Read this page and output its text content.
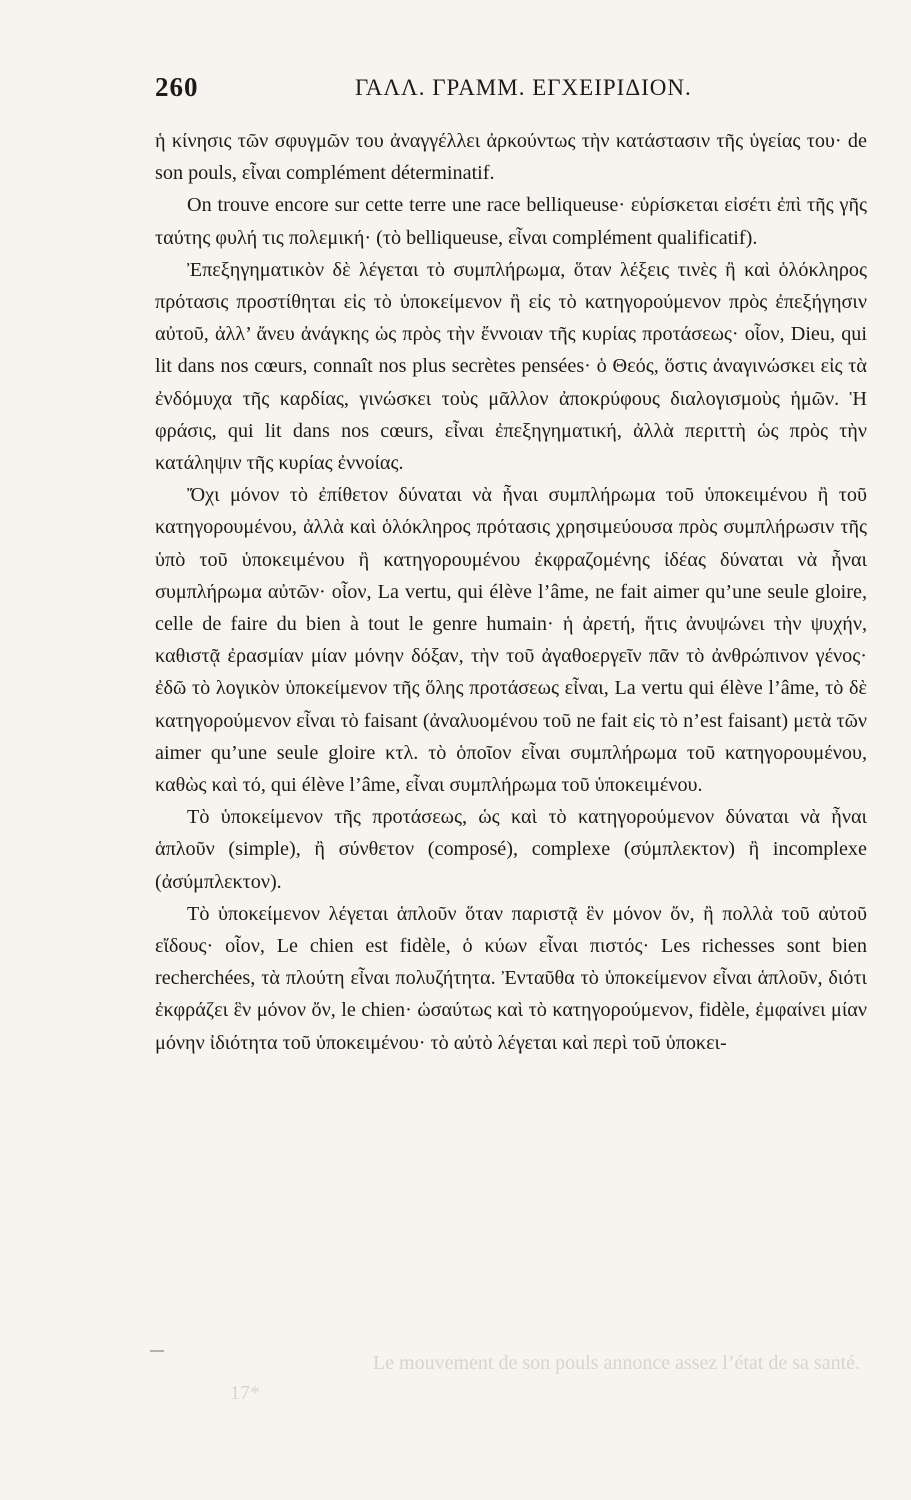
260	ΓΑΛΛ. ΓΡΑΜΜ. ΕΓΧΕΙΡΙΔΙΟΝ.

ἡ κίνησις τῶν σφυγμῶν του ἀναγγέλλει ἀρκούντως τὴν κατάστασιν τῆς ὑγείας του· de son pouls, εἶναι complément déterminatif.

On trouve encore sur cette terre une race belliqueuse· εὑρίσκεται εἰσέτι ἐπὶ τῆς γῆς ταύτης φυλή τις πολεμική· (τὸ belliqueuse, εἶναι complément qualificatif).

Ἐπεξηγηματικὸν δὲ λέγεται τὸ συμπλήρωμα, ὅταν λέξεις τινὲς ἢ καὶ ὁλόκληρος πρότασις προστίθηται εἰς τὸ ὑποκείμενον ἢ εἰς τὸ κατηγορούμενον πρὸς ἐπεξήγησιν αὐτοῦ, ἀλλ’ ἄνευ ἀνάγκης ὡς πρὸς τὴν ἔννοιαν τῆς κυρίας προτάσεως· οἷον, Dieu, qui lit dans nos cœurs, connaît nos plus secrètes pensées· ὁ Θεός, ὅστις ἀναγινώσκει εἰς τὰ ἐνδόμυχα τῆς καρδίας, γινώσκει τοὺς μᾶλλον ἀποκρύφους διαλογισμοὺς ἡμῶν. Ἡ φράσις, qui lit dans nos cœurs, εἶναι ἐπεξηγηματική, ἀλλὰ περιττὴ ὡς πρὸς τὴν κατάληψιν τῆς κυρίας ἐννοίας.

Ὄχι μόνον τὸ ἐπίθετον δύναται νὰ ἦναι συμπλήρωμα τοῦ ὑποκειμένου ἢ τοῦ κατηγορουμένου, ἀλλὰ καὶ ὁλόκληρος πρότασις χρησιμεύουσα πρὸς συμπλήρωσιν τῆς ὑπὸ τοῦ ὑποκειμένου ἢ κατηγορουμένου ἐκφραζομένης ἰδέας δύναται νὰ ἦναι συμπλήρωμα αὐτῶν· οἷον, La vertu, qui élève l’âme, ne fait aimer qu’une seule gloire, celle de faire du bien à tout le genre humain· ἡ ἀρετή, ἥτις ἀνυψώνει τὴν ψυχήν, καθιστᾷ ἐρασμίαν μίαν μόνην δόξαν, τὴν τοῦ ἀγαθοεργεῖν πᾶν τὸ ἀνθρώπινον γένος· ἐδῶ τὸ λογικὸν ὑποκείμενον τῆς ὅλης προτάσεως εἶναι, La vertu qui élève l’âme, τὸ δὲ κατηγορούμενον εἶναι τὸ faisant (ἀναλυομένου τοῦ ne fait εἰς τὸ n’est faisant) μετὰ τῶν aimer qu’une seule gloire κτλ. τὸ ὁποῖον εἶναι συμπλήρωμα τοῦ κατηγορουμένου, καθὼς καὶ τό, qui élève l’âme, εἶναι συμπλήρωμα τοῦ ὑποκειμένου.

Τὸ ὑποκείμενον τῆς προτάσεως, ὡς καὶ τὸ κατηγορούμενον δύναται νὰ ἦναι ἁπλοῦν (simple), ἢ σύνθετον (composé), complexe (σύμπλεκτον) ἢ incomplexe (ἀσύμπλεκτον).

Τὸ ὑποκείμενον λέγεται ἁπλοῦν ὅταν παριστᾷ ἓν μόνον ὄν, ἢ πολλὰ τοῦ αὐτοῦ εἴδους· οἷον, Le chien est fidèle, ὁ κύων εἶναι πιστός· Les richesses sont bien recherchées, τὰ πλούτη εἶναι πολυζήτητα. Ἐνταῦθα τὸ ὑποκείμενον εἶναι ἁπλοῦν, διότι ἐκφράζει ἓν μόνον ὄν, le chien· ὡσαύτως καὶ τὸ κατηγορούμενον, fidèle, ἐμφαίνει μίαν μόνην ἰδιότητα τοῦ ὑποκειμένου· τὸ αὐτὸ λέγεται καὶ περὶ τοῦ ὑποκει-

Le mouvement de son pouls annonce assez l’état de sa santé.
17*
